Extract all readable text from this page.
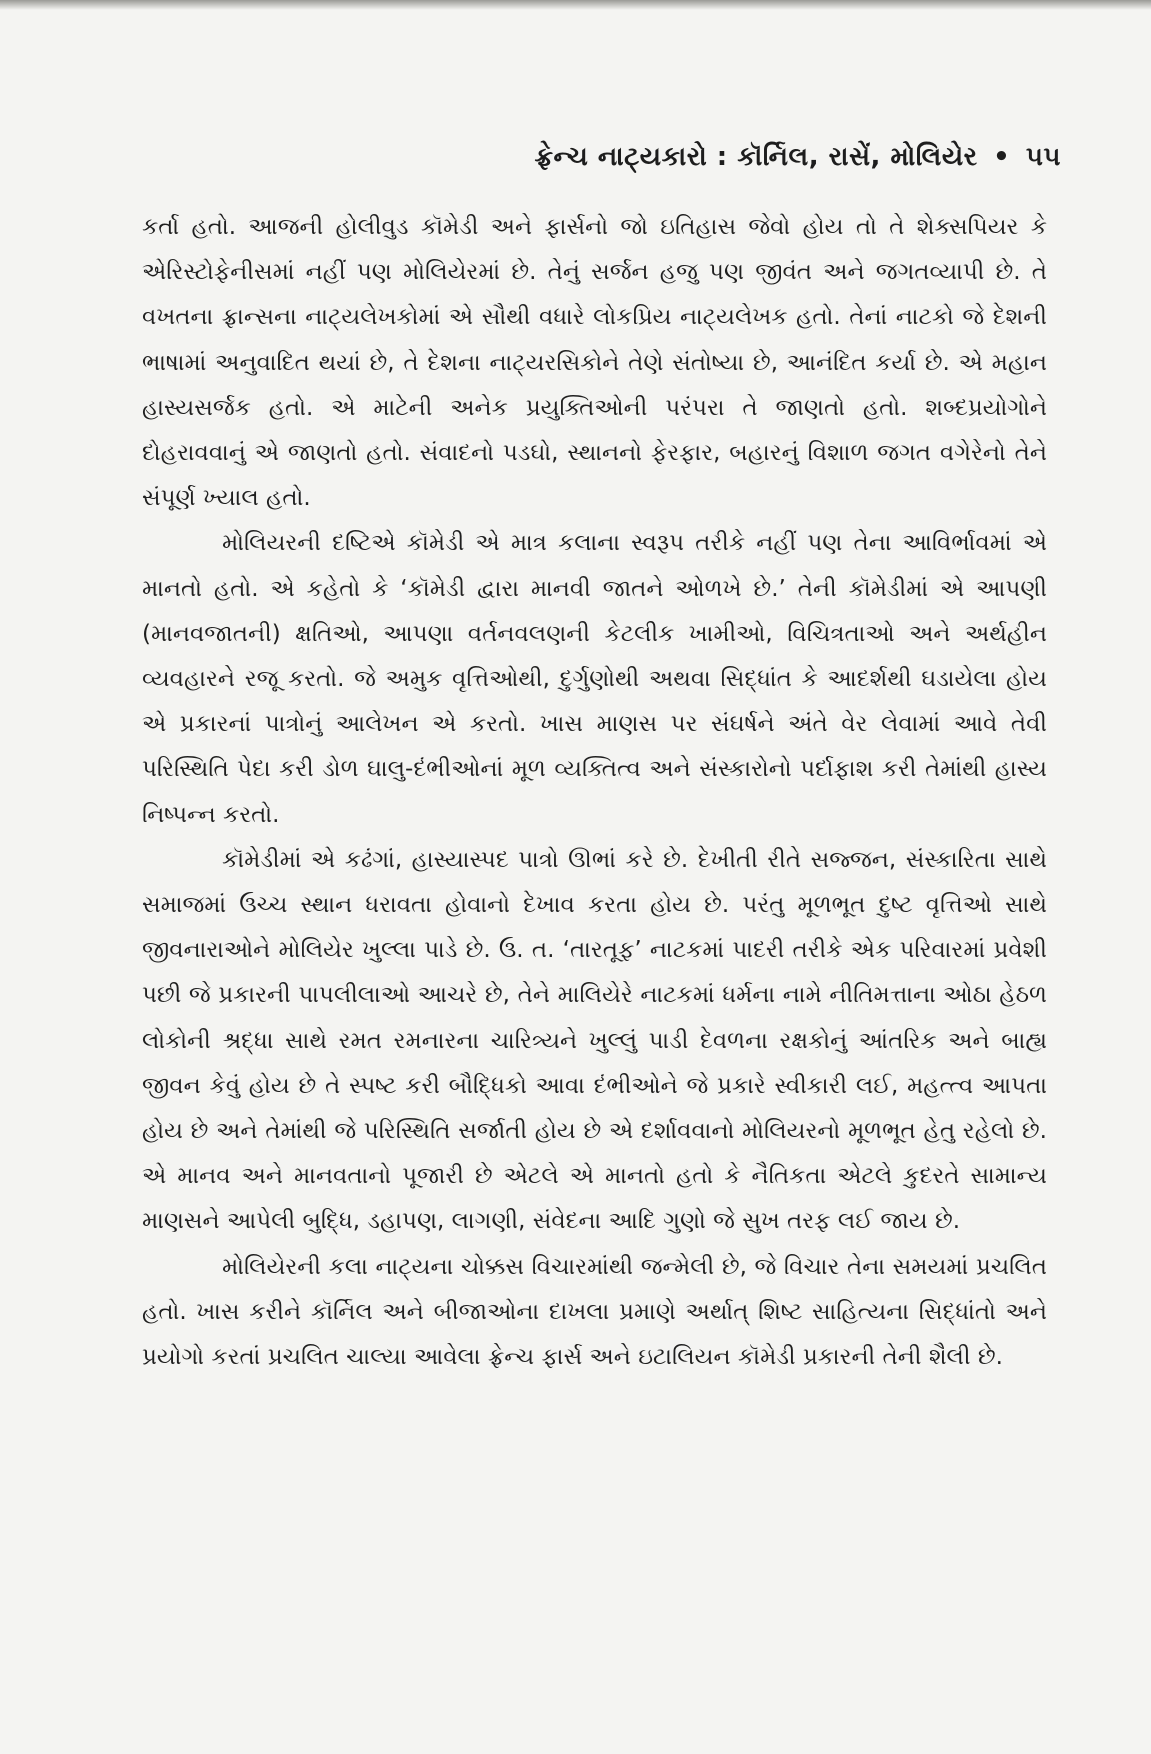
ફ્રેન્ચ નાટ્યકારો : કૉર્નિલ, રાસેં, મોલિયેર • ૫૫

કર્તા હતો. આજની હોલીવુડ કૉમેડી અને ફાર્સનો જો ઇતિહાસ જેવો હોય તો તે શેક્સપિયર કે એરિસ્ટોફેનીસમાં નહીં પણ મોલિયેરમાં છે. તેનું સર્જન હજુ પણ જીવંત અને જગતવ્યાપી છે. તે વખતના ફ્રાન્સના નાટ્યલેખકોમાં એ સૌથી વધારે લોકપ્રિય નાટ્યલેખક હતો. તેનાં નાટકો જે દેશની ભાષામાં અનુવાદિત થયાં છે, તે દેશના નાટ્યરસિકોને તેણે સંતોષ્યા છે, આનંદિત કર્યા છે. એ મહાન હાસ્યસર્જક હતો. એ માટેની અનેક પ્રયુક્તિઓની પરંપરા તે જાણતો હતો. શબ્દપ્રયોગોને દોહરાવવાનું એ જાણતો હતો. સંવાદનો પડઘો, સ્થાનનો ફેરફાર, બહારનું વિશાળ જગત વગેરેનો તેને સંપૂર્ણ ખ્યાલ હતો.

મોલિયરની દષ્ટિએ કૉમેડી એ માત્ર કલાના સ્વરૂપ તરીકે નહીં પણ તેના આવિર્ભાવમાં એ માનતો હતો. એ કહેતો કે ‘કૉમેડી દ્વારા માનવી જાતને ઓળખે છે.’ તેની કૉમેડીમાં એ આપણી (માનવજાતની) ક્ષતિઓ, આપણા વર્તનવલણની કેટલીક ખામીઓ, વિચિત્રતાઓ અને અર્થહીન વ્યવહારને રજૂ કરતો. જે અમુક વૃત્તિઓથી, દુર્ગુણોથી અથવા સિદ્ધાંત કે આદર્શથી ઘડાયેલા હોય એ પ્રકારનાં પાત્રોનું આલેખન એ કરતો. ખાસ માણસ પર સંઘર્ષને અંતે વેર લેવામાં આવે તેવી પરિસ્થિતિ પેદા કરી ડોળ ઘાલુ-દંભીઓનાં મૂળ વ્યક્તિત્વ અને સંસ્કારોનો પર્દાફાશ કરી તેમાંથી હાસ્ય નિષ્પન્ન કરતો.

કૉમેડીમાં એ કઢંગાં, હાસ્યાસ્પદ પાત્રો ઊભાં કરે છે. દેખીતી રીતે સજ્જન, સંસ્કારિતા સાથે સમાજમાં ઉચ્ચ સ્થાન ધરાવતા હોવાનો દેખાવ કરતા હોય છે. પરંતુ મૂળભૂત દુષ્ટ વૃત્તિઓ સાથે જીવનારાઓને મોલિયેર ખુલ્લા પાડે છે. ઉ. ત. ‘તારતૂફ’ નાટકમાં પાદરી તરીકે એક પરિવારમાં પ્રવેશી પછી જે પ્રકારની પાપલીલાઓ આચરે છે, તેને માલિયેરે નાટકમાં ધર્મના નામે નીતિમત્તાના ઓઠા હેઠળ લોકોની શ્રદ્ધા સાથે રમત રમનારના ચારિત્ર્યને ખુલ્લું પાડી દેવળના રક્ષકોનું આંતરિક અને બાહ્ય જીવન કેવું હોય છે તે સ્પષ્ટ કરી બૌદ્ધિકો આવા દંભીઓને જે પ્રકારે સ્વીકારી લઈ, મહત્ત્વ આપતા હોય છે અને તેમાંથી જે પરિસ્થિતિ સર્જાતી હોય છે એ દર્શાવવાનો મોલિયરનો મૂળભૂત હેતુ રહેલો છે. એ માનવ અને માનવતાનો પૂજારી છે એટલે એ માનતો હતો કે નૈતિકતા એટલે કુદરતે સામાન્ય માણસને આપેલી બુદ્ધિ, ડહાપણ, લાગણી, સંવેદના આદિ ગુણો જે સુખ તરફ લઈ જાય છે.

મોલિયેરની કલા નાટ્યના ચોક્કસ વિચારમાંથી જન્મેલી છે, જે વિચાર તેના સમયમાં પ્રચલિત હતો. ખાસ કરીને કૉર્નિલ અને બીજાઓના દાખલા પ્રમાણે અર્થાત્ શિષ્ટ સાહિત્યના સિદ્ધાંતો અને પ્રયોગો કરતાં પ્રચલિત ચાલ્યા આવેલા ફ્રેન્ચ ફાર્સ અને ઇટાલિયન કૉમેડી પ્રકારની તેની શૈલી છે.
